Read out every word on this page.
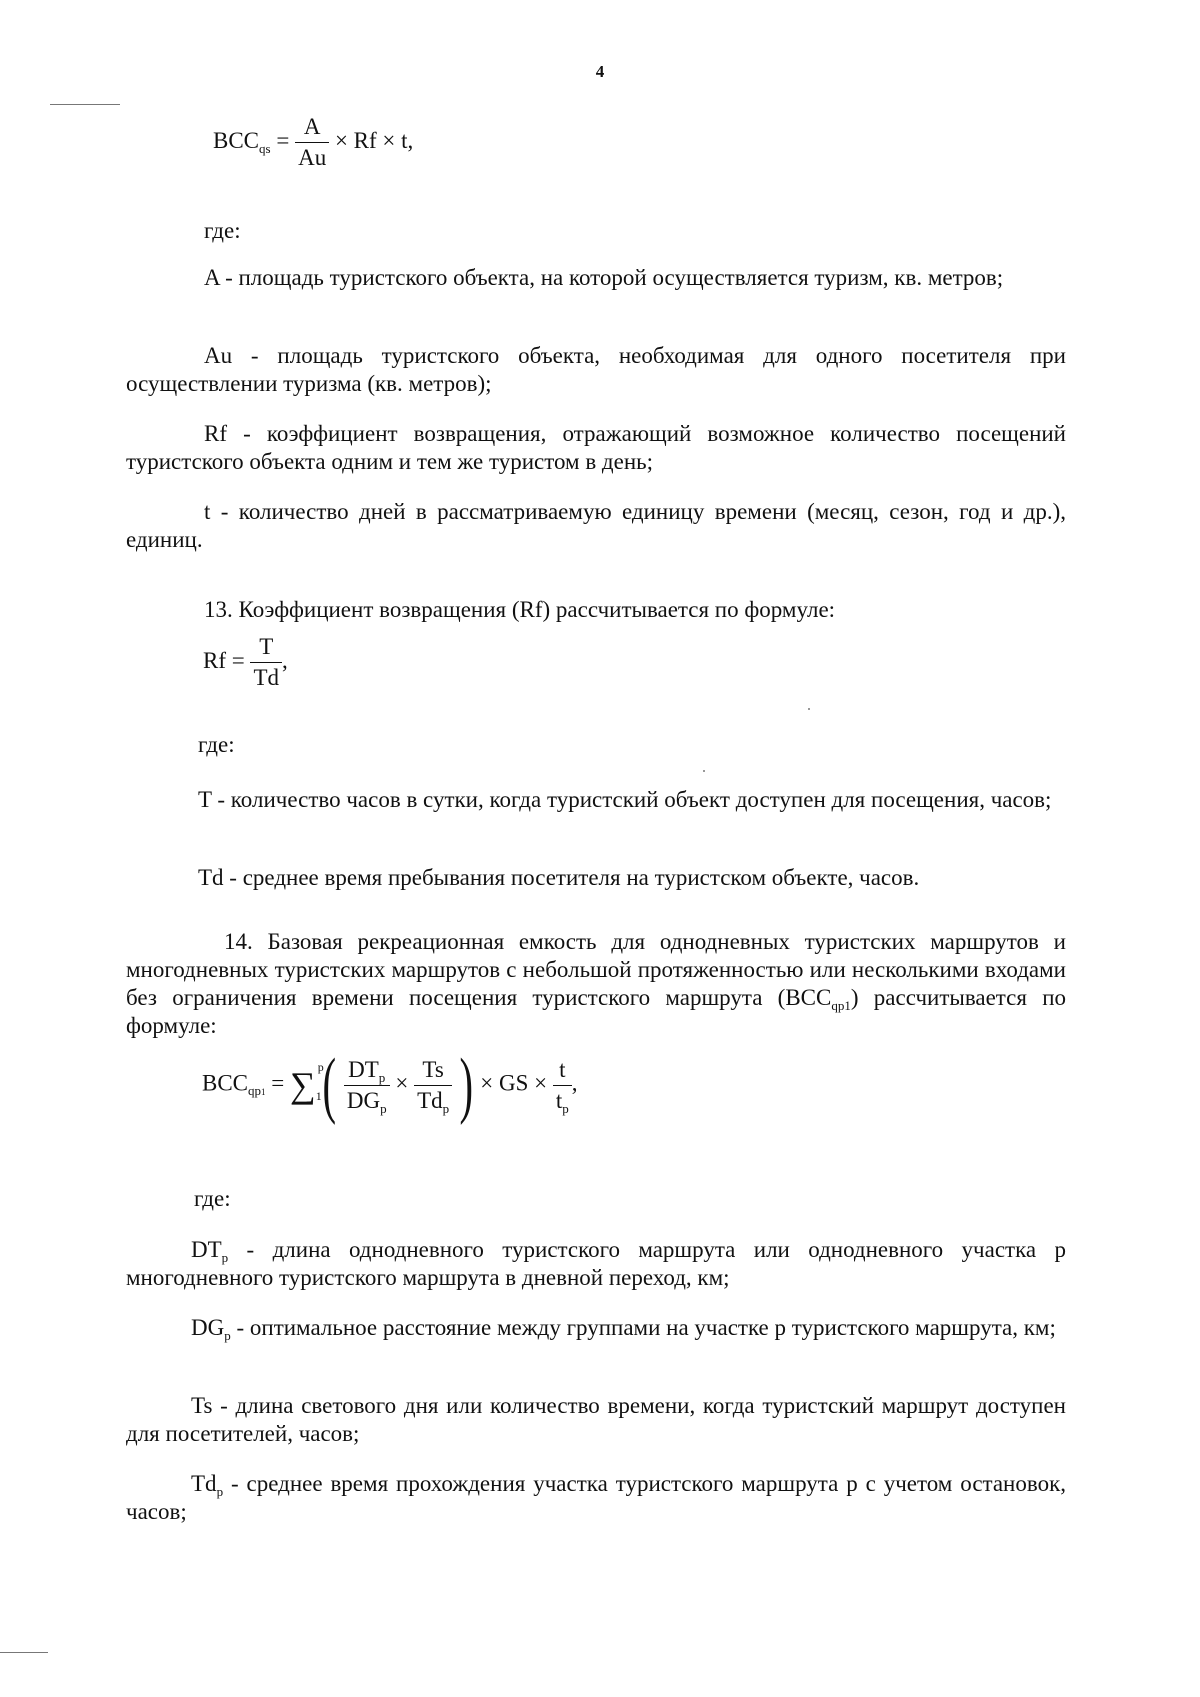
4
$BCC_{qs} = \frac{A}{Au} \times Rf \times t$,
где:

A - площадь туристского объекта, на которой осуществляется туризм, кв. метров;

Au - площадь туристского объекта, необходимая для одного посетителя при осуществлении туризма (кв. метров);

Rf - коэффициент возвращения, отражающий возможное количество посещений туристского объекта одним и тем же туристом в день;

t - количество дней в рассматриваемую единицу времени (месяц, сезон, год и др.), единиц.

13. Коэффициент возвращения (Rf) рассчитывается по формуле:

$Rf = \frac{T}{Td}$ ,
где:

T - количество часов в сутки, когда туристский объект доступен для посещения, часов;

Td - среднее время пребывания посетителя на туристском объекте, часов.

14. Базовая рекреационная емкость для однодневных туристских маршрутов и многодневных туристских маршрутов с небольшой протяженностью или несколькими входами без ограничения времени посещения туристского маршрута $(BCC_{qp1})$ рассчитывается по формуле:

$BCC_{qp1}$ = ∑ p
1 ( $DT_p$
$DG_p$
×
Ts
$Td_p$ ) × GS × $\frac{t}{t_p}$ ,
где:

$DT_p$ - длина однодневного туристского маршрута или однодневного участка p многодневного туристского маршрута в дневной переход, км;

$DG_p$ - оптимальное расстояние между группами на участке p туристского маршрута, км;

Ts - длина светового дня или количество времени, когда туристский маршрут доступен для посетителей, часов;

$Td_p$ - среднее время прохождения участка туристского маршрута p с учетом остановок, часов;
